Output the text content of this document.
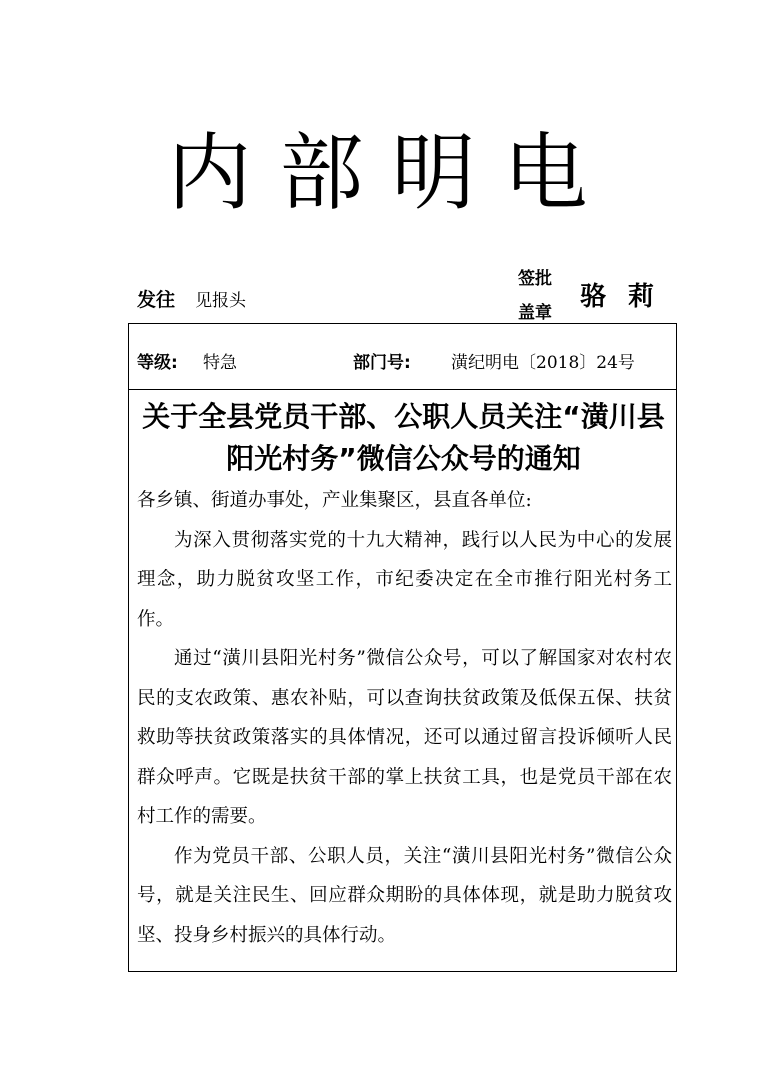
内部明电
发往 见报头
签批
盖章
骆莉
等级: 特急	部门号: 潢纪明电〔2018〕24号
关于全县党员干部、公职人员关注“潢川县
阳光村务”微信公众号的通知

各乡镇、街道办事处，产业集聚区，县直各单位:

为深入贯彻落实党的十九大精神，践行以人民为中心的发展理念，助力脱贫攻坚工作，市纪委决定在全市推行阳光村务工作。

通过“潢川县阳光村务”微信公众号，可以了解国家对农村农民的支农政策、惠农补贴，可以查询扶贫政策及低保五保、扶贫救助等扶贫政策落实的具体情况，还可以通过留言投诉倾听人民群众呼声。它既是扶贫干部的掌上扶贫工具，也是党员干部在农村工作的需要。

作为党员干部、公职人员，关注“潢川县阳光村务”微信公众号，就是关注民生、回应群众期盼的具体体现，就是助力脱贫攻坚、投身乡村振兴的具体行动。
